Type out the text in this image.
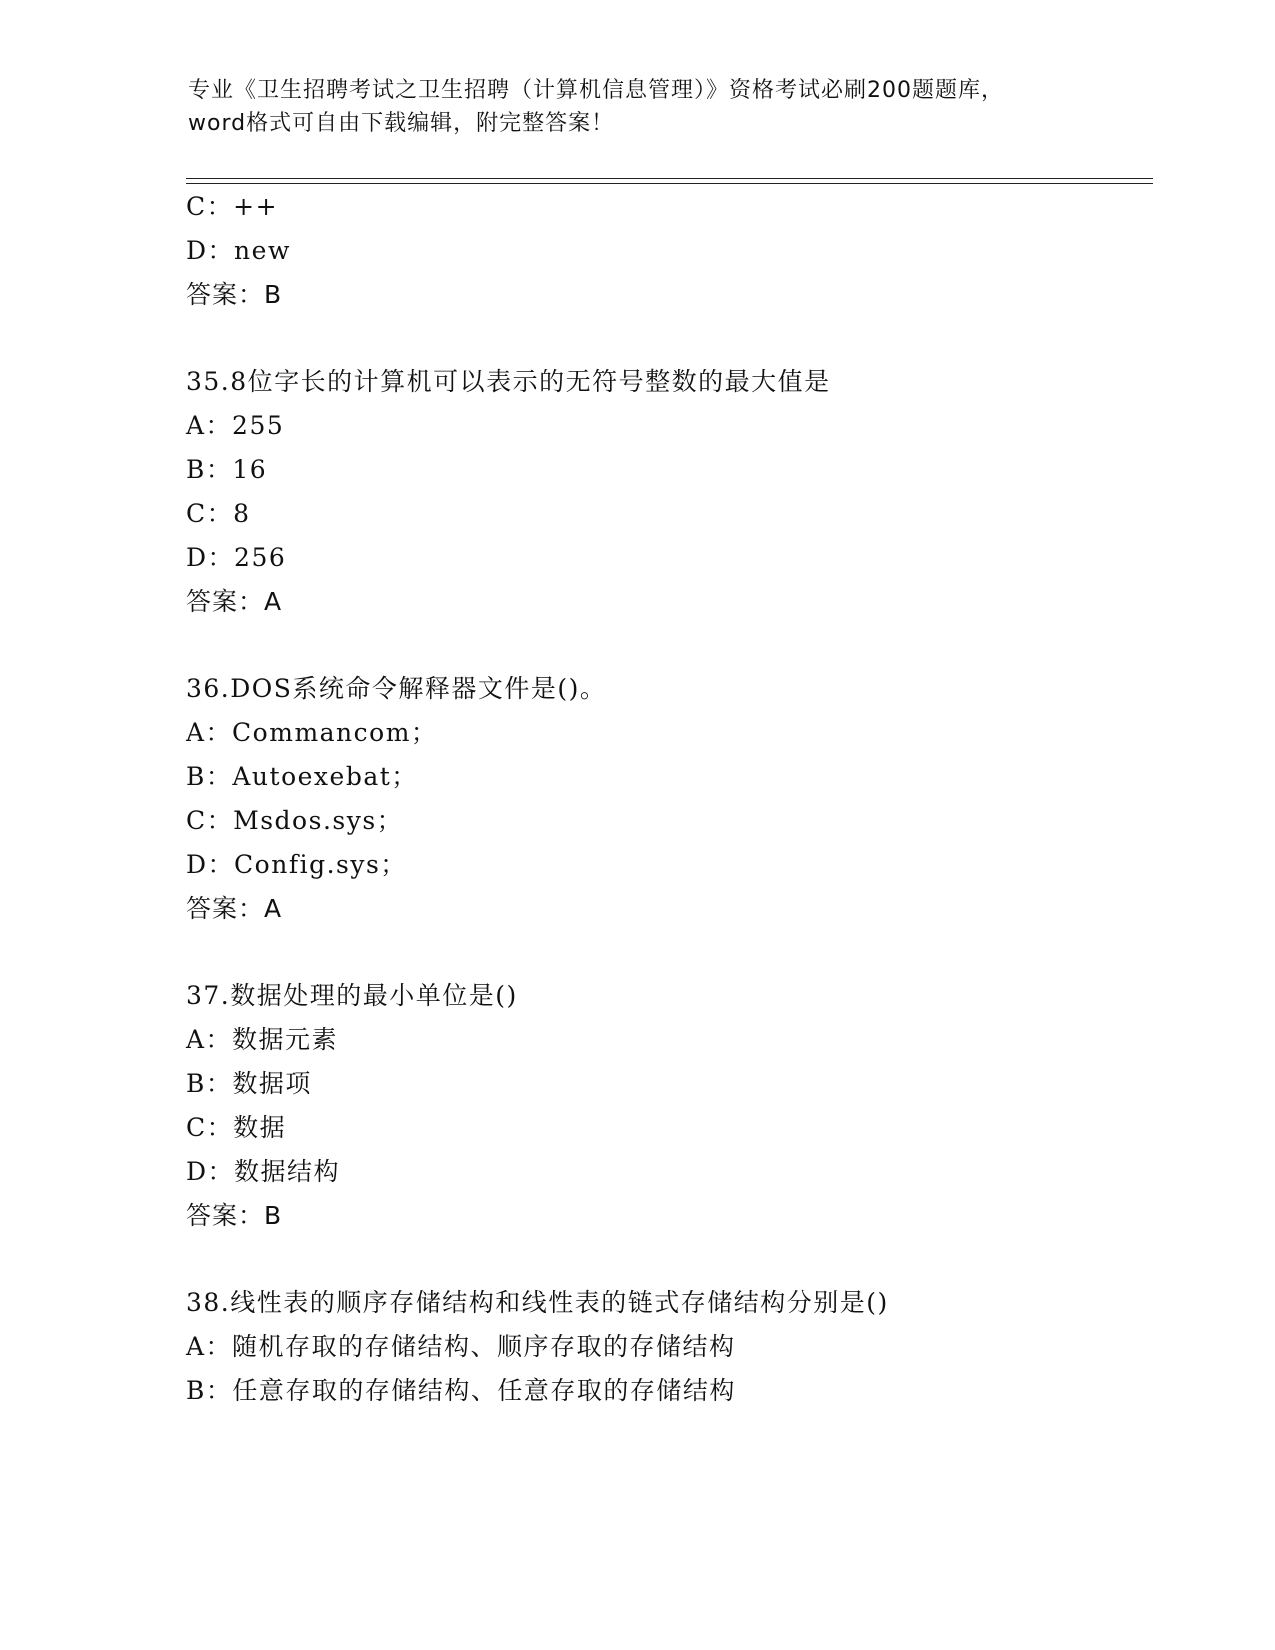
专业《卫生招聘考试之卫生招聘（计算机信息管理）》资格考试必刷200题题库，
word格式可自由下载编辑，附完整答案！
C：++
D：new
答案：B
35.8位字长的计算机可以表示的无符号整数的最大值是
A：255
B：16
C：8
D：256
答案：A
36.DOS系统命令解释器文件是()。
A：Commancom；
B：Autoexebat；
C：Msdos.sys；
D：Config.sys；
答案：A
37.数据处理的最小单位是()
A：数据元素
B：数据项
C：数据
D：数据结构
答案：B
38.线性表的顺序存储结构和线性表的链式存储结构分别是()
A：随机存取的存储结构、顺序存取的存储结构
B：任意存取的存储结构、任意存取的存储结构
